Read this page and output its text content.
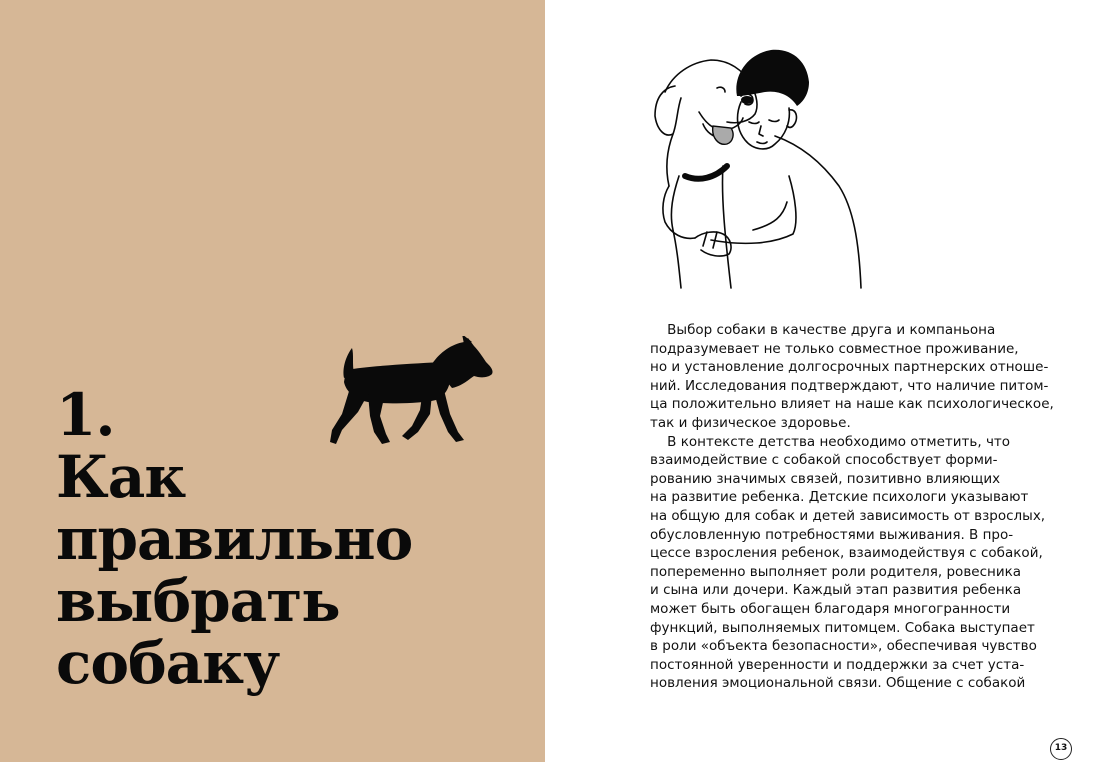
1.
Как
правильно
выбрать
собаку

Выбор собаки в качестве друга и компаньона

подразумевает не только совместное проживание,

но и установление долгосрочных партнерских отноше-

ний. Исследования подтверждают, что наличие питом-

ца положительно влияет на наше как психологическое,

так и физическое здоровье.

В контексте детства необходимо отметить, что

взаимодействие с собакой способствует форми-

рованию значимых связей, позитивно влияющих

на развитие ребенка. Детские психологи указывают

на общую для собак и детей зависимость от взрослых,

обусловленную потребностями выживания. В про-

цессе взросления ребенок, взаимодействуя с собакой,

попеременно выполняет роли родителя, ровесника

и сына или дочери. Каждый этап развития ребенка

может быть обогащен благодаря многогранности

функций, выполняемых питомцем. Собака выступает

в роли «объекта безопасности», обеспечивая чувство

постоянной уверенности и поддержки за счет уста-

новления эмоциональной связи. Общение с собакой

13
